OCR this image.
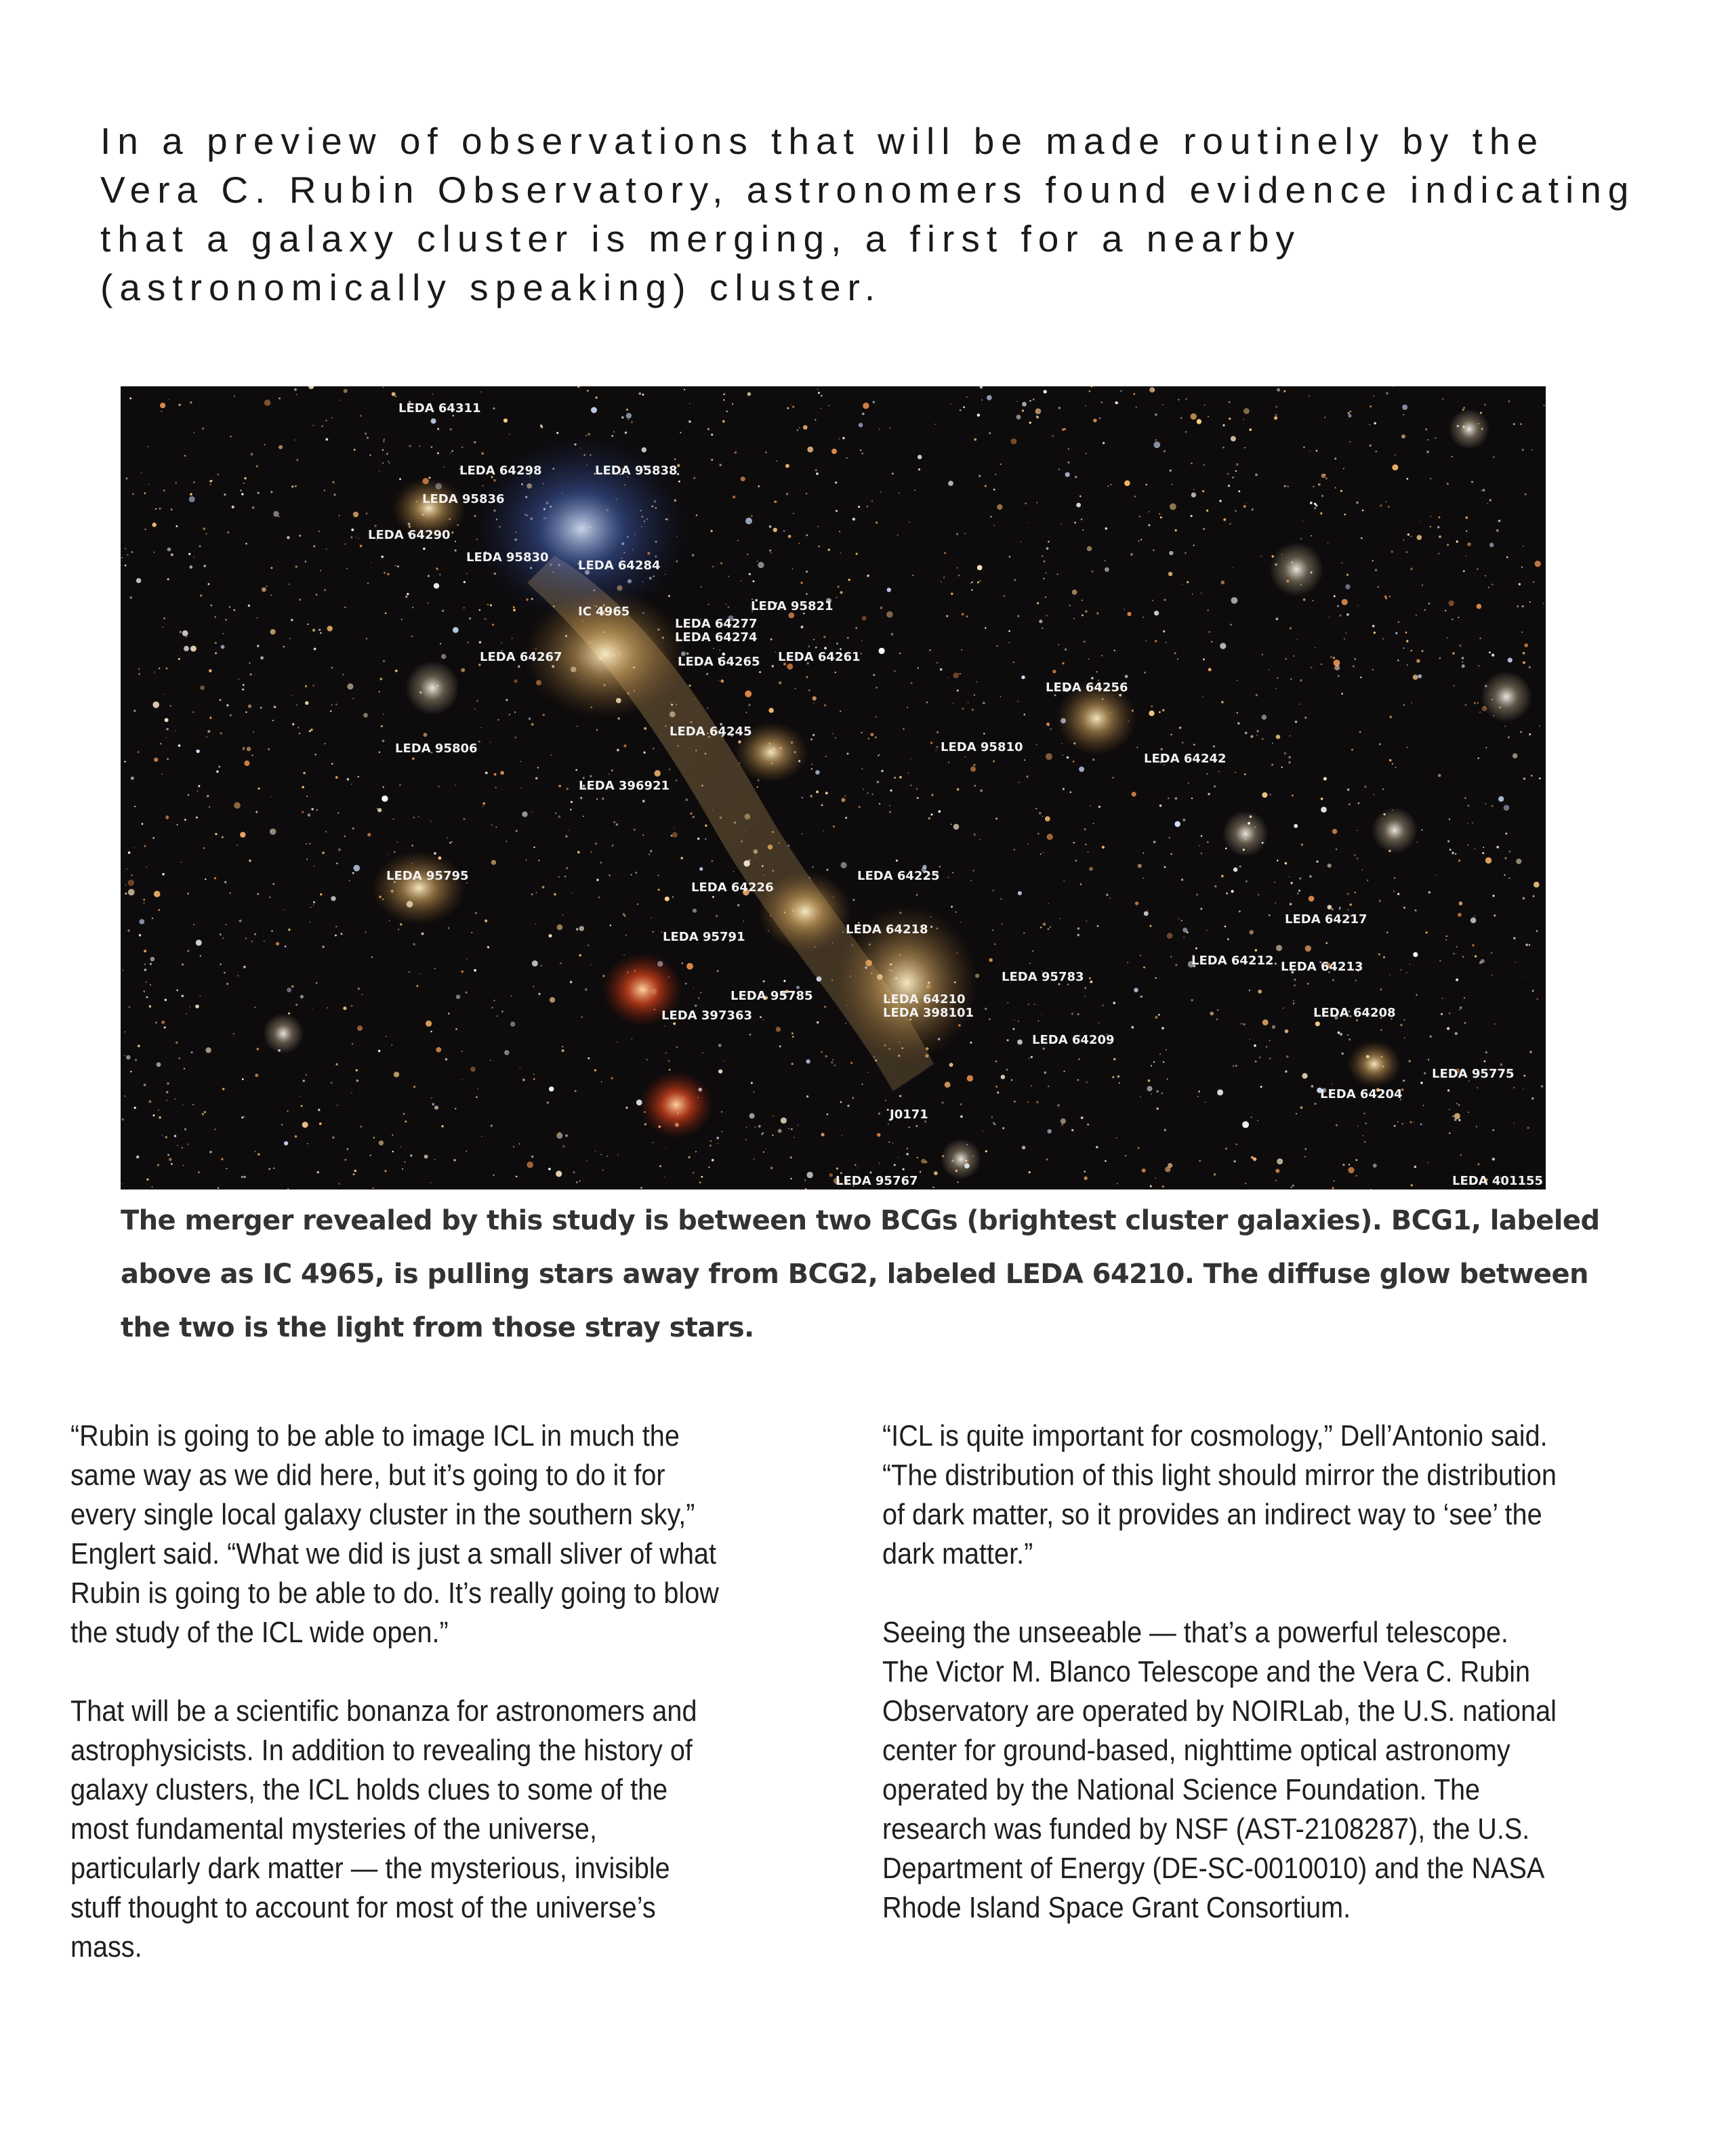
In a preview of observations that will be made routinely by the
Vera C. Rubin Observatory, astronomers found evidence indicating
that a galaxy cluster is merging, a first for a nearby
(astronomically speaking) cluster.
LEDA 64311
LEDA 64298	LEDA 95838
LEDA 95836
LEDA 64290
LEDA 95830
LEDA 64284
IC 4965	LEDA 95821
LEDA 64277
LEDA 64274
LEDA 64267	LEDA 64265 LEDA 64261
LEDA 64256
LEDA 95806
LEDA 64245
LEDA 95810
LEDA 64242
LEDA 396921
LEDA 95795
LEDA 64226
LEDA 64225
LEDA 64217
LEDA 95791
LEDA 64218
LEDA 64212 LEDA 64213
LEDA 95783
LEDA 95785	LEDA 64210
LEDA 397363	LEDA 398101	LEDA 64208
LEDA 64209
LEDA 95775
LEDA 64204
J0171
LEDA 95767	LEDA 401155
The merger revealed by this study is between two BCGs (brightest cluster galaxies). BCG1, labeled
above as IC 4965, is pulling stars away from BCG2, labeled LEDA 64210. The diffuse glow between
the two is the light from those stray stars.

“Rubin is going to be able to image ICL in much the
same way as we did here, but it’s going to do it for
every single local galaxy cluster in the southern sky,”
Englert said. “What we did is just a small sliver of what
Rubin is going to be able to do. It’s really going to blow
the study of the ICL wide open.”

That will be a scientific bonanza for astronomers and
astrophysicists. In addition to revealing the history of
galaxy clusters, the ICL holds clues to some of the
most fundamental mysteries of the universe,
particularly dark matter — the mysterious, invisible
stuff thought to account for most of the universe’s
mass.

“ICL is quite important for cosmology,” Dell’Antonio said.
“The distribution of this light should mirror the distribution
of dark matter, so it provides an indirect way to ‘see’ the
dark matter.”

Seeing the unseeable — that’s a powerful telescope.
The Victor M. Blanco Telescope and the Vera C. Rubin
Observatory are operated by NOIRLab, the U.S. national
center for ground-based, nighttime optical astronomy
operated by the National Science Foundation. The
research was funded by NSF (AST-2108287), the U.S.
Department of Energy (DE-SC-0010010) and the NASA
Rhode Island Space Grant Consortium.
